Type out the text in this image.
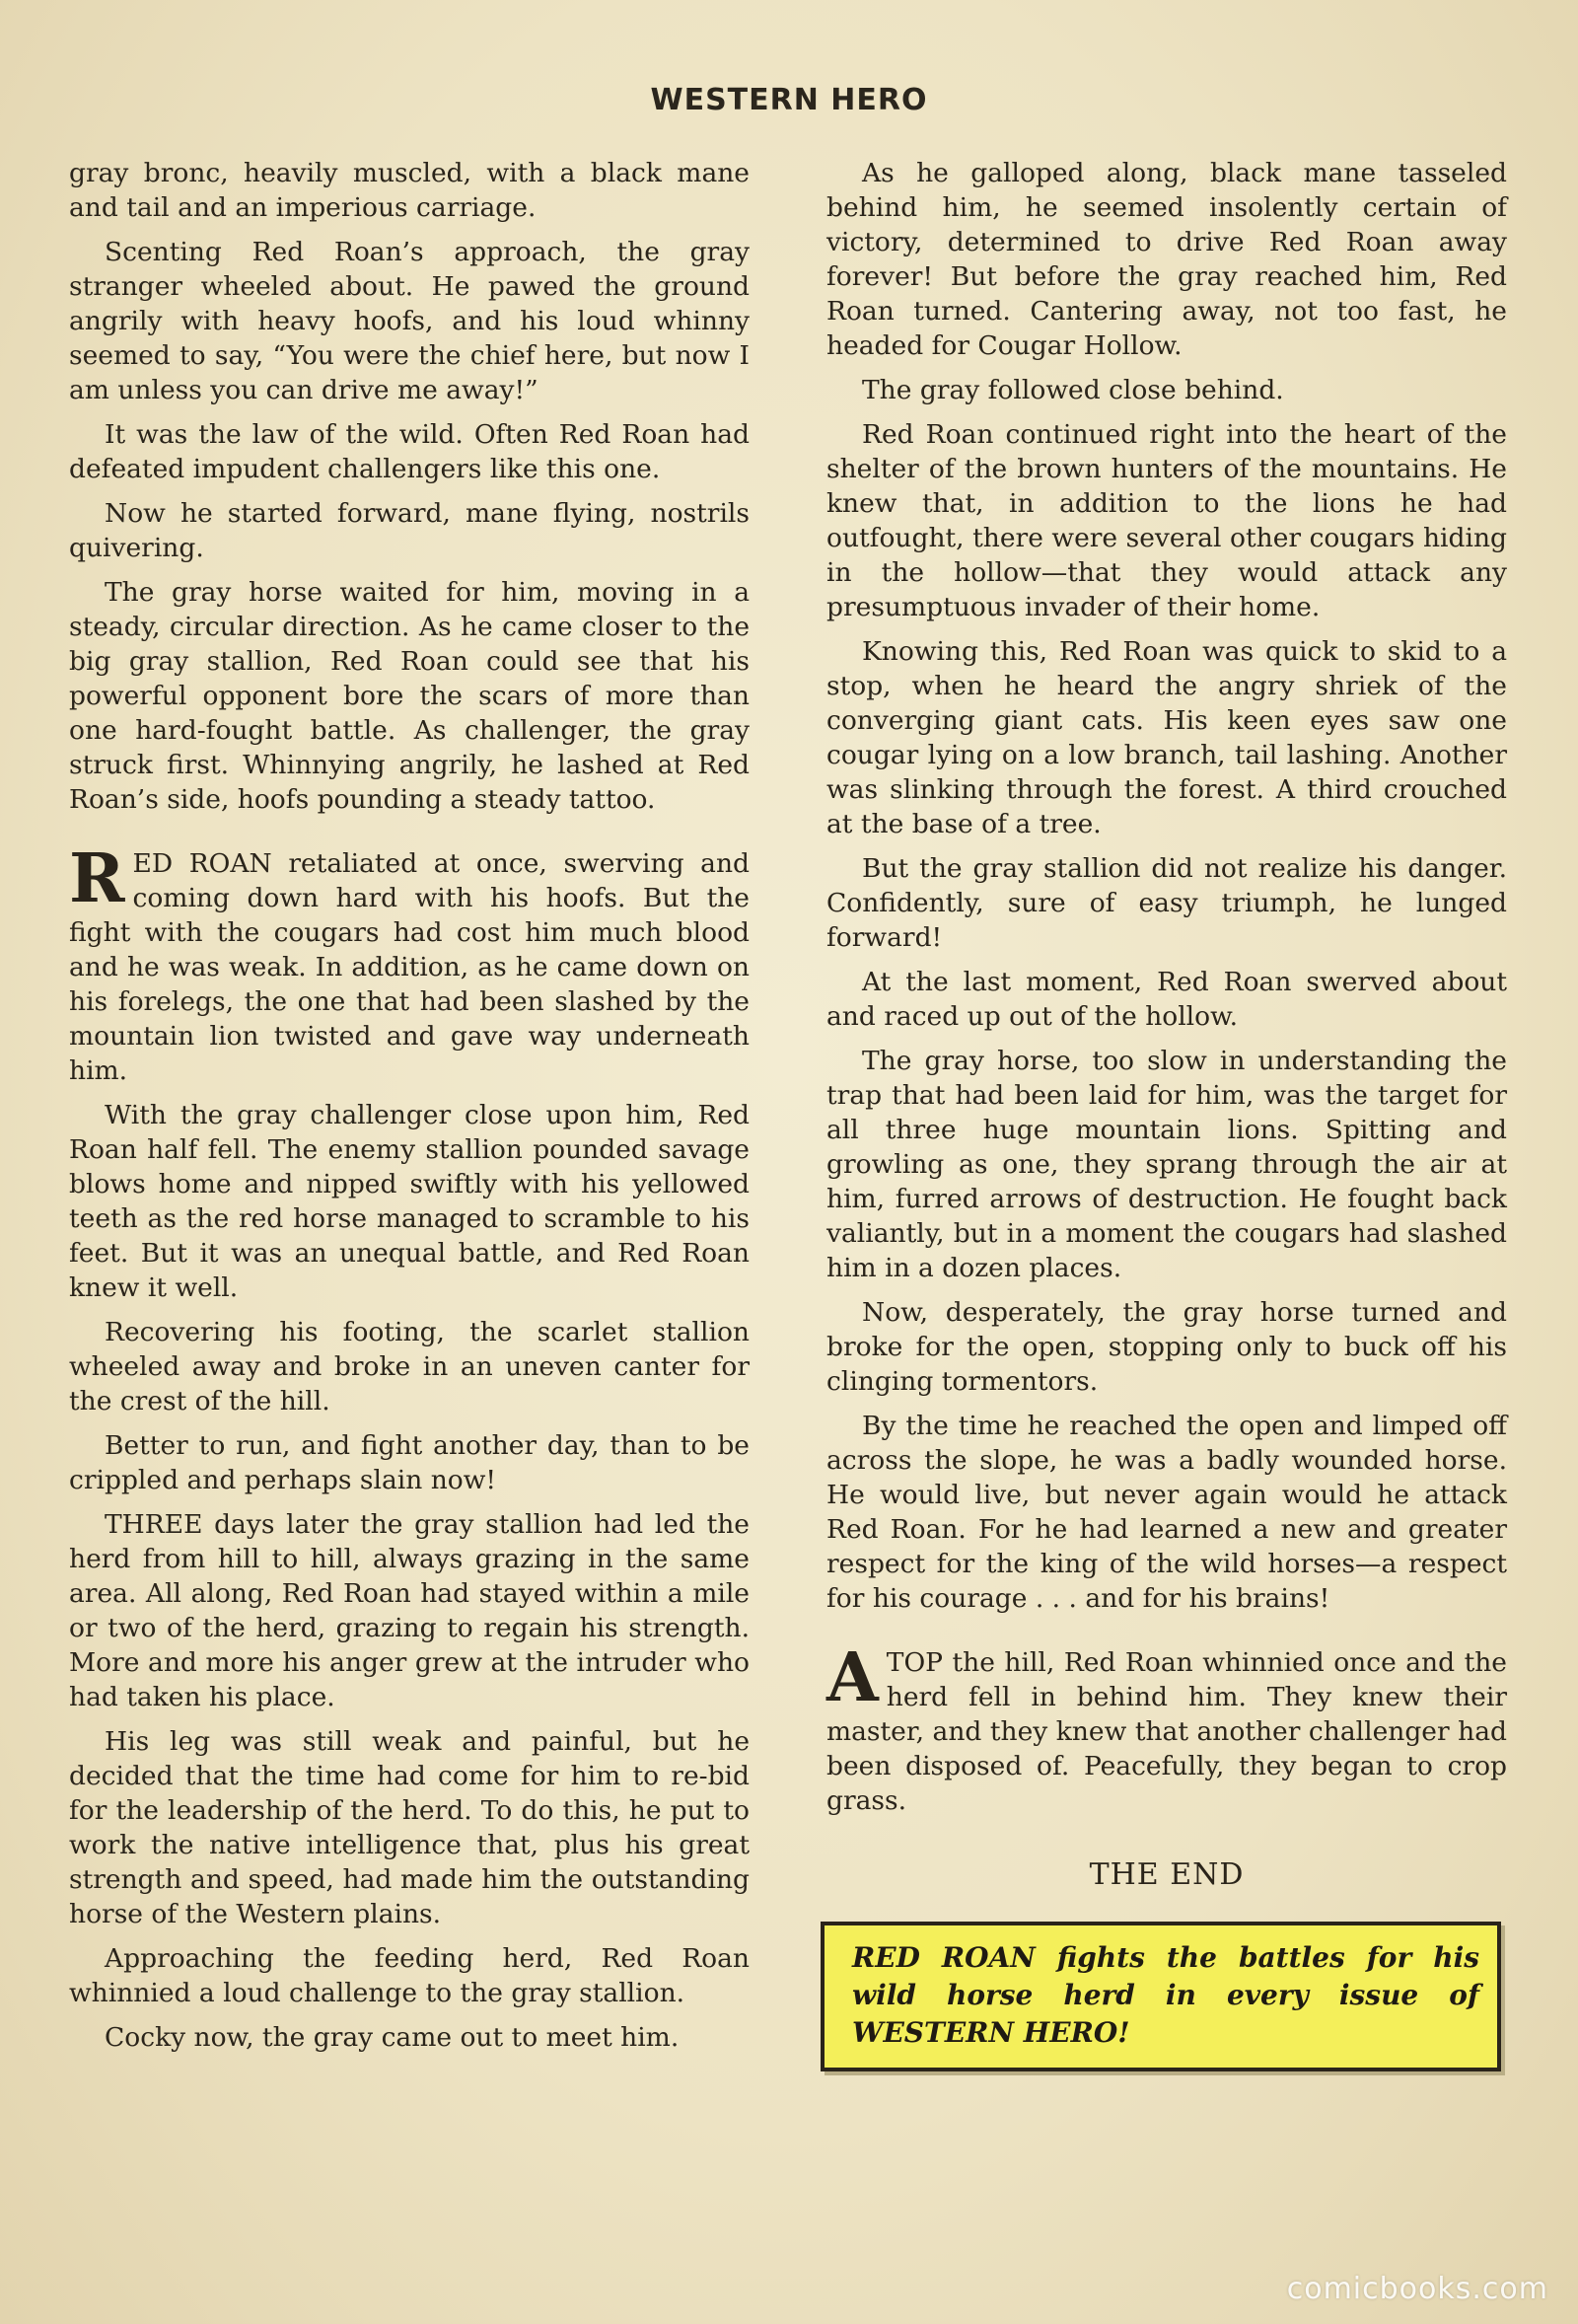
WESTERN HERO

gray bronc, heavily muscled, with a black mane and tail and an imperious carriage.

Scenting Red Roan’s approach, the gray stranger wheeled about. He pawed the ground angrily with heavy hoofs, and his loud whinny seemed to say, “You were the chief here, but now I am unless you can drive me away!”

It was the law of the wild. Often Red Roan had defeated impudent challengers like this one.

Now he started forward, mane flying, nostrils quivering.

The gray horse waited for him, moving in a steady, circular direction. As he came closer to the big gray stallion, Red Roan could see that his powerful opponent bore the scars of more than one hard-fought battle. As challenger, the gray struck first. Whinnying angrily, he lashed at Red Roan’s side, hoofs pounding a steady tattoo.

RED ROAN retaliated at once, swerving and coming down hard with his hoofs. But the fight with the cougars had cost him much blood and he was weak. In addition, as he came down on his forelegs, the one that had been slashed by the mountain lion twisted and gave way underneath him.

With the gray challenger close upon him, Red Roan half fell. The enemy stallion pounded savage blows home and nipped swiftly with his yellowed teeth as the red horse managed to scramble to his feet. But it was an unequal battle, and Red Roan knew it well.

Recovering his footing, the scarlet stallion wheeled away and broke in an uneven canter for the crest of the hill.

Better to run, and fight another day, than to be crippled and perhaps slain now!

THREE days later the gray stallion had led the herd from hill to hill, always grazing in the same area. All along, Red Roan had stayed within a mile or two of the herd, grazing to regain his strength. More and more his anger grew at the intruder who had taken his place.

His leg was still weak and painful, but he decided that the time had come for him to re-bid for the leadership of the herd. To do this, he put to work the native intelligence that, plus his great strength and speed, had made him the outstanding horse of the Western plains.

Approaching the feeding herd, Red Roan whinnied a loud challenge to the gray stallion.

Cocky now, the gray came out to meet him.

As he galloped along, black mane tasseled behind him, he seemed insolently certain of victory, determined to drive Red Roan away forever! But before the gray reached him, Red Roan turned. Cantering away, not too fast, he headed for Cougar Hollow.

The gray followed close behind.

Red Roan continued right into the heart of the shelter of the brown hunters of the mountains. He knew that, in addition to the lions he had outfought, there were several other cougars hiding in the hollow—that they would attack any presumptuous invader of their home.

Knowing this, Red Roan was quick to skid to a stop, when he heard the angry shriek of the converging giant cats. His keen eyes saw one cougar lying on a low branch, tail lashing. Another was slinking through the forest. A third crouched at the base of a tree.

But the gray stallion did not realize his danger. Confidently, sure of easy triumph, he lunged forward!

At the last moment, Red Roan swerved about and raced up out of the hollow.

The gray horse, too slow in understanding the trap that had been laid for him, was the target for all three huge mountain lions. Spitting and growling as one, they sprang through the air at him, furred arrows of destruction. He fought back valiantly, but in a moment the cougars had slashed him in a dozen places.

Now, desperately, the gray horse turned and broke for the open, stopping only to buck off his clinging tormentors.

By the time he reached the open and limped off across the slope, he was a badly wounded horse. He would live, but never again would he attack Red Roan. For he had learned a new and greater respect for the king of the wild horses—a respect for his courage . . . and for his brains!

ATOP the hill, Red Roan whinnied once and the herd fell in behind him. They knew their master, and they knew that another challenger had been disposed of. Peacefully, they began to crop grass.

THE END
RED ROAN fights the battles for his wild horse herd in every issue of WESTERN HERO!
comicbooks.com
